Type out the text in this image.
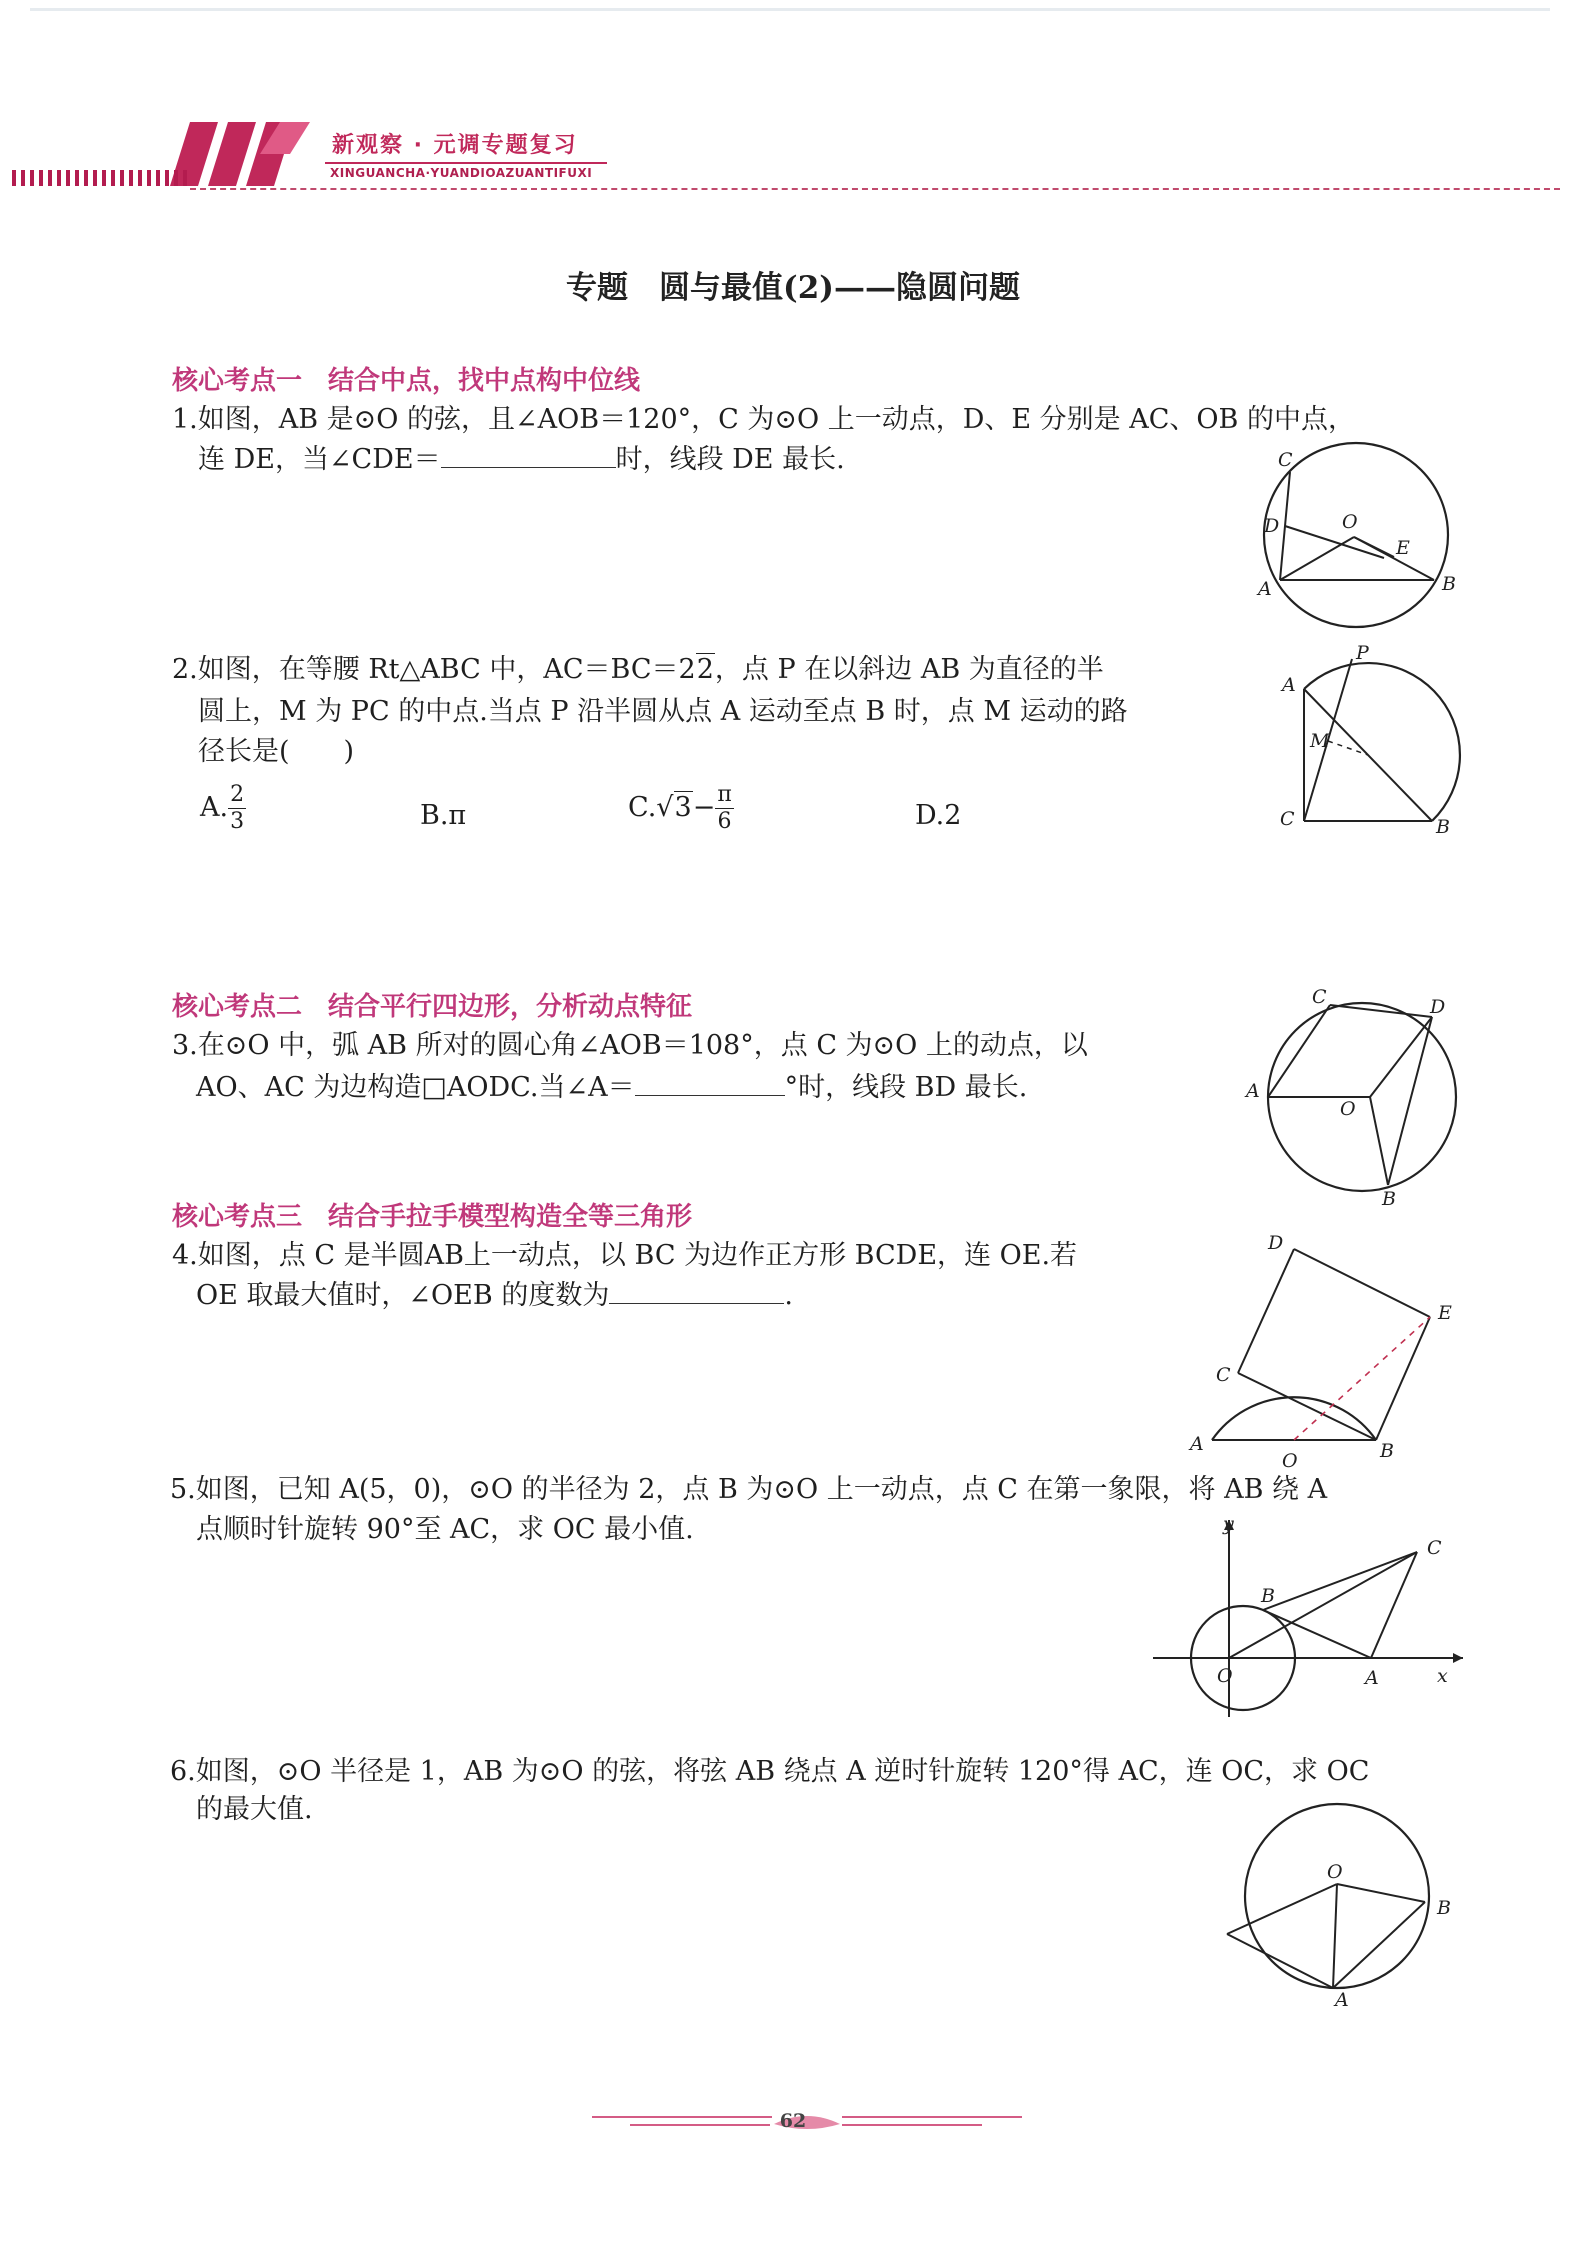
新观察 · 元调专题复习
XINGUANCHA·YUANDIOAZUANTIFUXI
专题　圆与最值(2)——隐圆问题
核心考点一　结合中点，找中点构中位线
1.如图，AB 是⊙O 的弦，且∠AOB＝120°，C 为⊙O 上一动点，D、E 分别是 AC、OB 的中点，
连 DE，当∠CDE＝	时，线段 DE 最长.	C
D	O
E
A	B
2.如图，在等腰 Rt△ABC 中，AC＝BC＝22，点 P 在以斜边 AB 为直径的半
圆上，M 为 PC 的中点.当点 P 沿半圆从点 A 运动至点 B 时，点 M 运动的路
径长是(　　)
A. $\frac{2}{3}$	B.π	$C.√3- \frac{\pi}{6}$	D.2
P
A
M
C	B
核心考点二　结合平行四边形，分析动点特征
3.在⊙O 中，弧 AB 所对的圆心角∠AOB＝108°，点 C 为⊙O 上的动点，以
AO、AC 为边构造□AODC.当∠A＝	°时，线段 BD 最长.
C	D
A
O
B
核心考点三　结合手拉手模型构造全等三角形
4.如图，点 C 是半圆AB上一动点，以 BC 为边作正方形 BCDE，连 OE.若
OE 取最大值时，∠OEB 的度数为	.
D
E
C
A	B
O
5.如图，已知 A(5，0)，⊙O 的半径为 2，点 B 为⊙O 上一动点，点 C 在第一象限，将 AB 绕 A
点顺时针旋转 90°至 AC，求 OC 最小值.	y
C
B
O	A	x
6.如图，⊙O 半径是 1，AB 为⊙O 的弦，将弦 AB 绕点 A 逆时针旋转 120°得 AC，连 OC，求 OC
的最大值.
O
B
A
62
